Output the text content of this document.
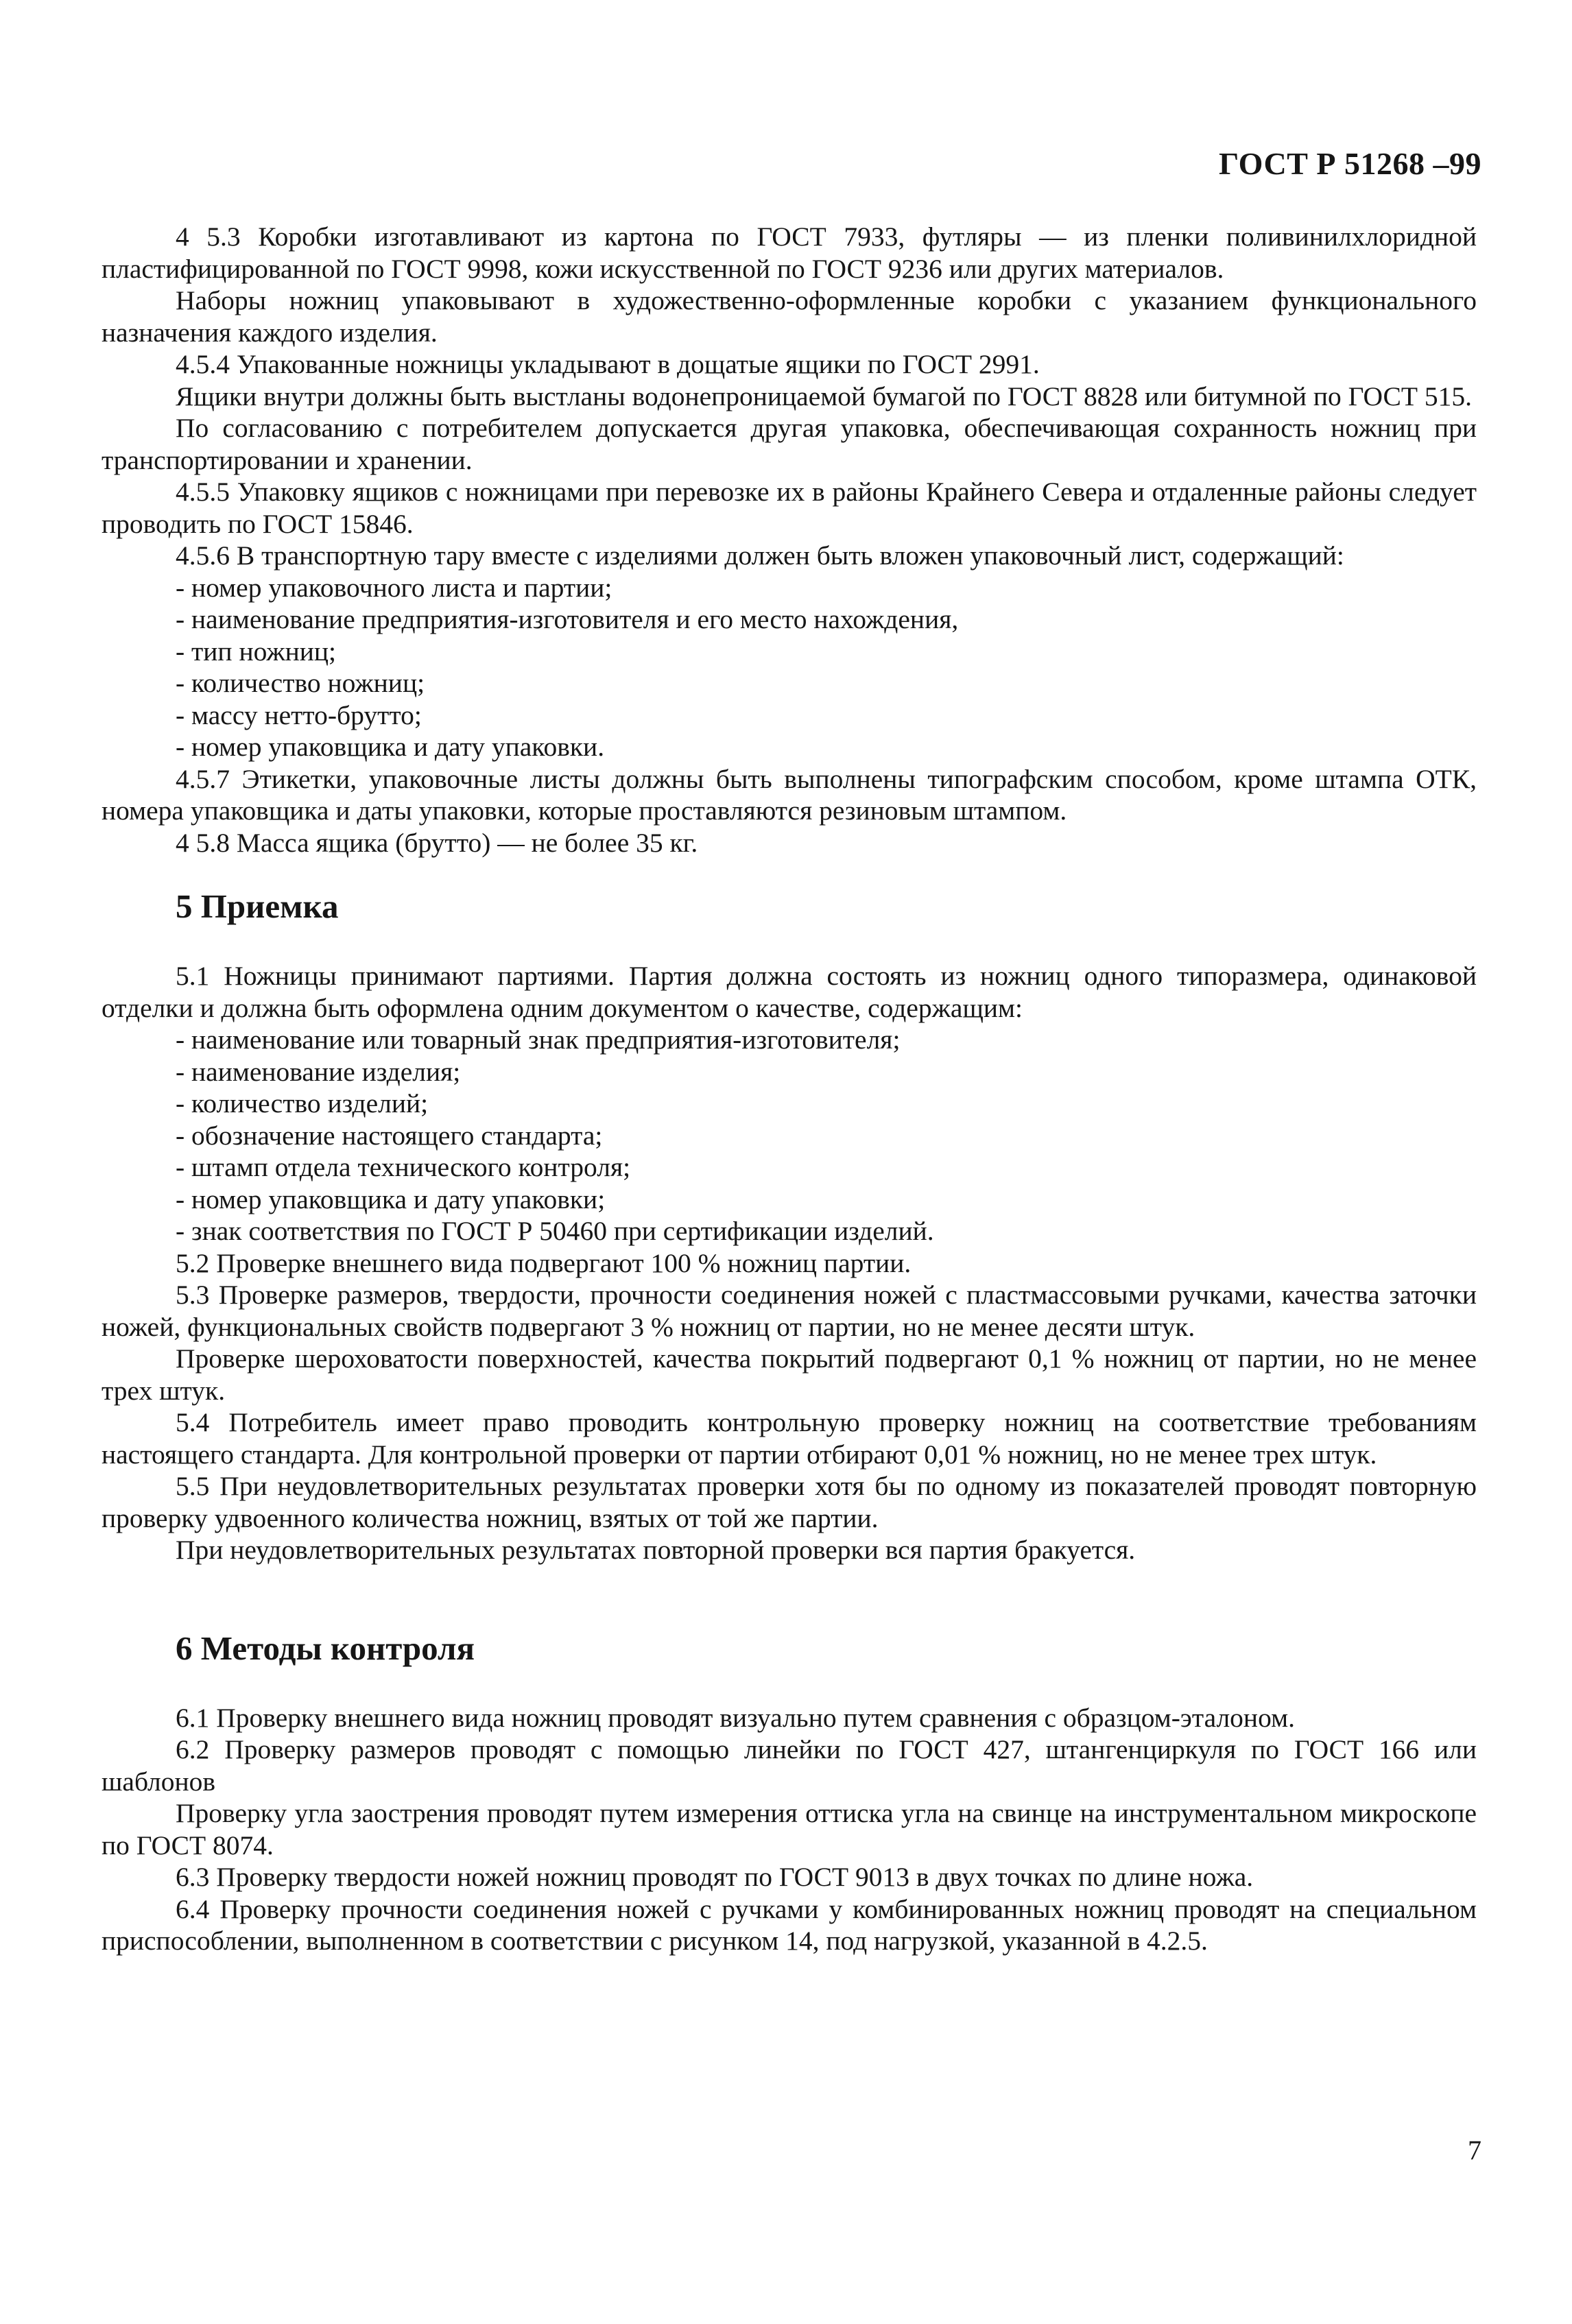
ГОСТ Р 51268 –99

4 5.3 Коробки изготавливают из картона по ГОСТ 7933, футляры — из пленки поливинилхлоридной пластифицированной по ГОСТ 9998, кожи искусственной по ГОСТ 9236 или других материалов.

Наборы ножниц упаковывают в художественно-оформленные коробки с указанием функционального назначения каждого изделия.

4.5.4 Упакованные ножницы укладывают в дощатые ящики по ГОСТ 2991.

Ящики внутри должны быть выстланы водонепроницаемой бумагой по ГОСТ 8828 или битумной по ГОСТ 515.

По согласованию с потребителем допускается другая упаковка, обеспечивающая сохранность ножниц при транспортировании и хранении.

4.5.5 Упаковку ящиков с ножницами при перевозке их в районы Крайнего Севера и отдаленные районы следует проводить по ГОСТ 15846.

4.5.6 В транспортную тару вместе с изделиями должен быть вложен упаковочный лист, содержащий:

- номер упаковочного листа и партии;

- наименование предприятия-изготовителя и его место нахождения,

- тип ножниц;

- количество ножниц;

- массу нетто-брутто;

- номер упаковщика и дату упаковки.

4.5.7 Этикетки, упаковочные листы должны быть выполнены типографским способом, кроме штампа ОТК, номера упаковщика и даты упаковки, которые проставляются резиновым штампом.

4 5.8 Масса ящика (брутто) — не более 35 кг.

5 Приемка

5.1 Ножницы принимают партиями. Партия должна состоять из ножниц одного типоразмера, одинаковой отделки и должна быть оформлена одним документом о качестве, содержащим:

- наименование или товарный знак предприятия-изготовителя;

- наименование изделия;

- количество изделий;

- обозначение настоящего стандарта;

- штамп отдела технического контроля;

- номер упаковщика и дату упаковки;

- знак соответствия по ГОСТ Р 50460 при сертификации изделий.

5.2 Проверке внешнего вида подвергают 100 % ножниц партии.

5.3 Проверке размеров, твердости, прочности соединения ножей с пластмассовыми ручками, качества заточки ножей, функциональных свойств подвергают 3 % ножниц от партии, но не менее десяти штук.

Проверке шероховатости поверхностей, качества покрытий подвергают 0,1 % ножниц от партии, но не менее трех штук.

5.4 Потребитель имеет право проводить контрольную проверку ножниц на соответствие требованиям настоящего стандарта. Для контрольной проверки от партии отбирают 0,01 % ножниц, но не менее трех штук.

5.5 При неудовлетворительных результатах проверки хотя бы по одному из показателей проводят повторную проверку удвоенного количества ножниц, взятых от той же партии.

При неудовлетворительных результатах повторной проверки вся партия бракуется.

6 Методы контроля

6.1 Проверку внешнего вида ножниц проводят визуально путем сравнения с образцом-эталоном.

6.2 Проверку размеров проводят с помощью линейки по ГОСТ 427, штангенциркуля по ГОСТ 166 или шаблонов

Проверку угла заострения проводят путем измерения оттиска угла на свинце на инструментальном микроскопе по ГОСТ 8074.

6.3 Проверку твердости ножей ножниц проводят по ГОСТ 9013 в двух точках по длине ножа.

6.4 Проверку прочности соединения ножей с ручками у комбинированных ножниц проводят на специальном приспособлении, выполненном в соответствии с рисунком 14, под нагрузкой, указанной в 4.2.5.

7
